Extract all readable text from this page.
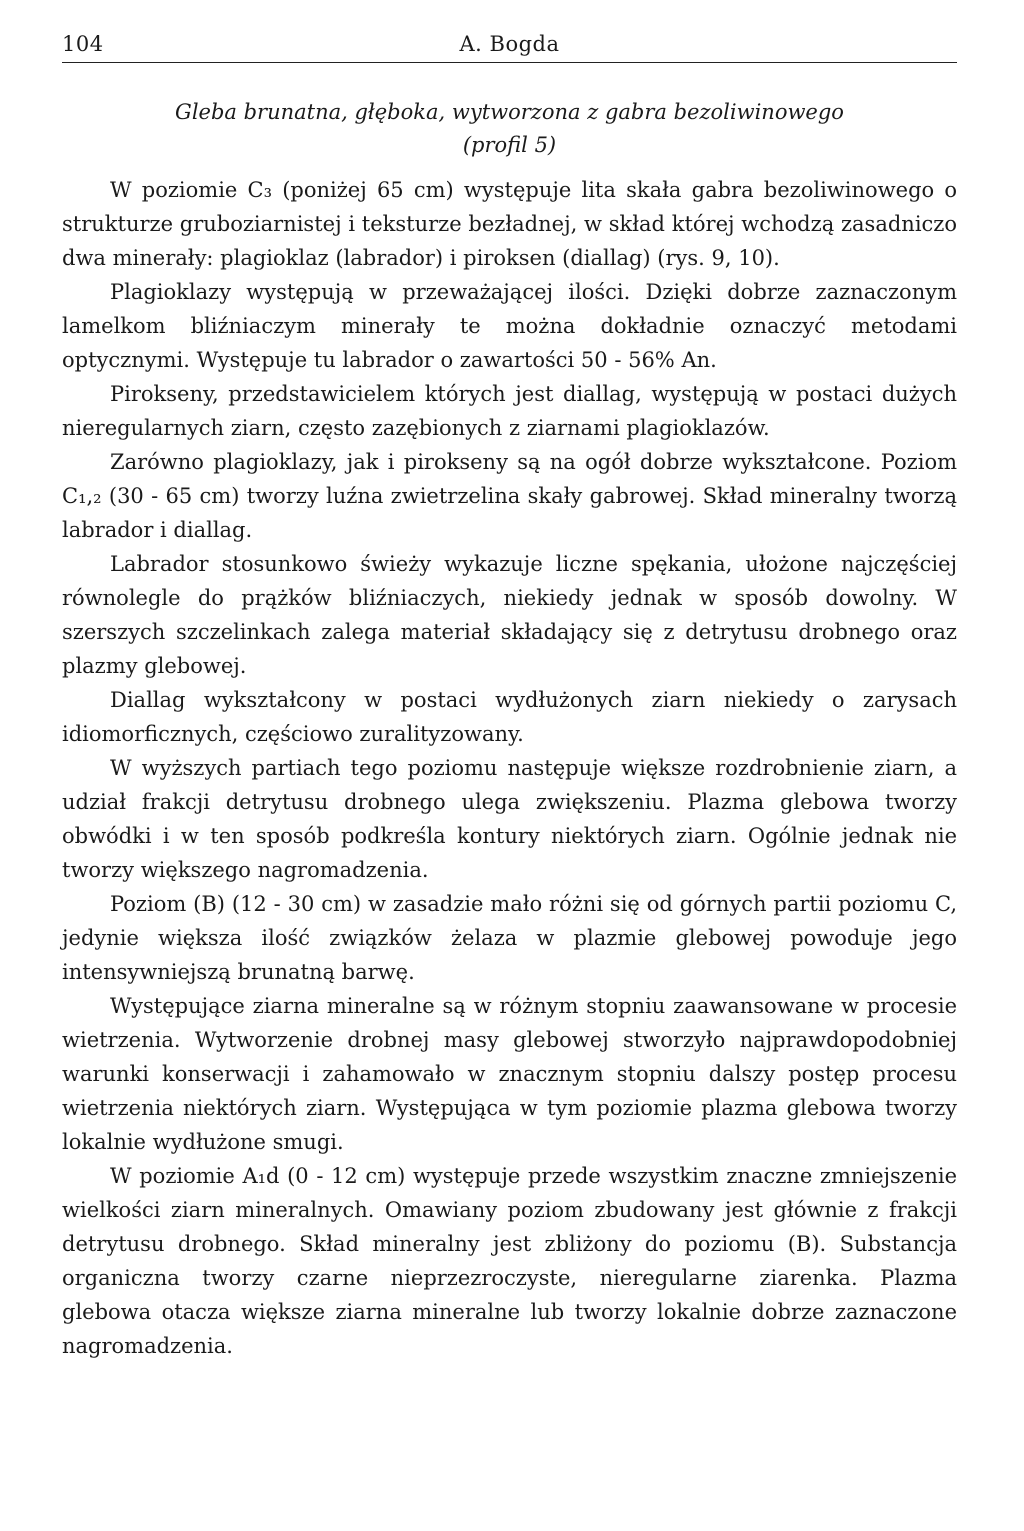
104	A. Bogda
Gleba brunatna, głęboka, wytworzona z gabra bezoliwinowego
(profil 5)

W poziomie C₃ (poniżej 65 cm) występuje lita skała gabra bezoliwinowego o strukturze gruboziarnistej i teksturze bezładnej, w skład której wchodzą zasadniczo dwa minerały: plagioklaz (labrador) i piroksen (diallag) (rys. 9, 10).

Plagioklazy występują w przeważającej ilości. Dzięki dobrze zaznaczonym lamelkom bliźniaczym minerały te można dokładnie oznaczyć metodami optycznymi. Występuje tu labrador o zawartości 50 - 56% An.

Pirokseny, przedstawicielem których jest diallag, występują w postaci dużych nieregularnych ziarn, często zazębionych z ziarnami plagioklazów.

Zarówno plagioklazy, jak i pirokseny są na ogół dobrze wykształcone. Poziom C₁,₂ (30 - 65 cm) tworzy luźna zwietrzelina skały gabrowej. Skład mineralny tworzą labrador i diallag.

Labrador stosunkowo świeży wykazuje liczne spękania, ułożone najczęściej równolegle do prążków bliźniaczych, niekiedy jednak w sposób dowolny. W szerszych szczelinkach zalega materiał składający się z detrytusu drobnego oraz plazmy glebowej.

Diallag wykształcony w postaci wydłużonych ziarn niekiedy o zarysach idiomorficznych, częściowo zuralityzowany.

W wyższych partiach tego poziomu następuje większe rozdrobnienie ziarn, a udział frakcji detrytusu drobnego ulega zwiększeniu. Plazma glebowa tworzy obwódki i w ten sposób podkreśla kontury niektórych ziarn. Ogólnie jednak nie tworzy większego nagromadzenia.

Poziom (B) (12 - 30 cm) w zasadzie mało różni się od górnych partii poziomu C, jedynie większa ilość związków żelaza w plazmie glebowej powoduje jego intensywniejszą brunatną barwę.

Występujące ziarna mineralne są w różnym stopniu zaawansowane w procesie wietrzenia. Wytworzenie drobnej masy glebowej stworzyło najprawdopodobniej warunki konserwacji i zahamowało w znacznym stopniu dalszy postęp procesu wietrzenia niektórych ziarn. Występująca w tym poziomie plazma glebowa tworzy lokalnie wydłużone smugi.

W poziomie A₁d (0 - 12 cm) występuje przede wszystkim znaczne zmniejszenie wielkości ziarn mineralnych. Omawiany poziom zbudowany jest głównie z frakcji detrytusu drobnego. Skład mineralny jest zbliżony do poziomu (B). Substancja organiczna tworzy czarne nieprzezroczyste, nieregularne ziarenka. Plazma glebowa otacza większe ziarna mineralne lub tworzy lokalnie dobrze zaznaczone nagromadzenia.
